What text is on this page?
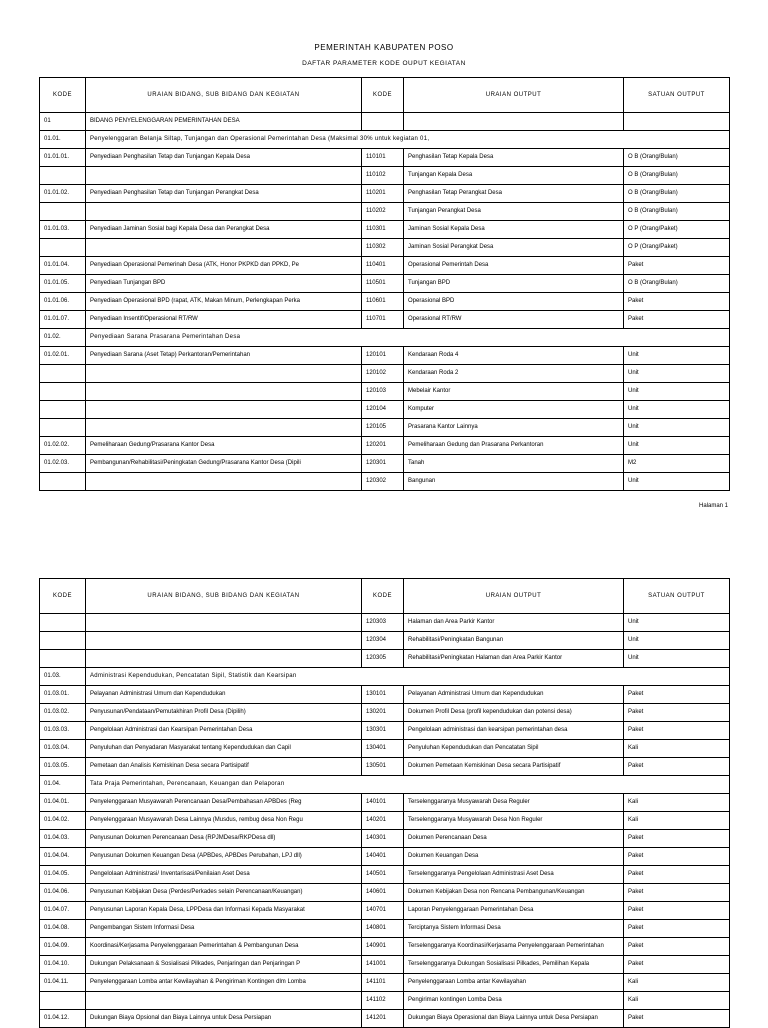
PEMERINTAH KABUPATEN POSO
DAFTAR PARAMETER KODE OUPUT KEGIATAN
KODE	URAIAN BIDANG, SUB BIDANG DAN KEGIATAN	KODE	URAIAN OUTPUT	SATUAN OUTPUT
01	BIDANG PENYELENGGARAN PEMERINTAHAN DESA			
01.01.	Penyelenggaran Belanja Siltap, Tunjangan dan Operasional Pemerintahan Desa (Maksimal 30% untuk kegiatan 01,			
01.01.01.	Penyediaan Penghasilan Tetap dan Tunjangan Kepala Desa	110101	Penghasilan Tetap Kepala Desa	O B (Orang/Bulan)
		110102	Tunjangan Kepala Desa	O B (Orang/Bulan)
01.01.02.	Penyediaan Penghasilan Tetap dan Tunjangan Perangkat Desa	110201	Penghasilan Tetap Perangkat Desa	O B (Orang/Bulan)
		110202	Tunjangan Perangkat Desa	O B (Orang/Bulan)
01.01.03.	Penyediaan Jaminan Sosial bagi Kepala Desa dan Perangkat Desa	110301	Jaminan Sosial Kepala Desa	O P (Orang/Paket)
		110302	Jaminan Sosial Perangkat Desa	O P (Orang/Paket)
01.01.04.	Penyediaan Operasional Pemerinah Desa (ATK, Honor PKPKD dan PPKD, Pe	110401	Operasional Pemerintah Desa	Paket
01.01.05.	Penyediaan Tunjangan BPD	110501	Tunjangan BPD	O B (Orang/Bulan)
01.01.06.	Penyediaan Operasional BPD (rapat, ATK, Makan Minum, Perlengkapan Perka	110601	Operasional BPD	Paket
01.01.07.	Penyediaan Insentif/Operasional RT/RW	110701	Operasional RT/RW	Paket
01.02.	Penyediaan Sarana Prasarana Pemerintahan Desa			
01.02.01.	Penyediaan Sarana (Aset Tetap) Perkantoran/Pemerintahan	120101	Kendaraan Roda 4	Unit
		120102	Kendaraan Roda 2	Unit
		120103	Mebelair Kantor	Unit
		120104	Komputer	Unit
		120105	Prasarana Kantor Lainnya	Unit
01.02.02.	Pemeliharaan Gedung/Prasarana Kantor Desa	120201	Pemeliharaan Gedung dan Prasarana Perkantoran	Unit
01.02.03.	Pembangunan/Rehabilitasi/Peningkatan Gedung/Prasarana Kantor Desa (Dipili	120301	Tanah	M2
		120302	Bangunan	Unit
Halaman 1
KODE	URAIAN BIDANG, SUB BIDANG DAN KEGIATAN	KODE	URAIAN OUTPUT	SATUAN OUTPUT
		120303	Halaman dan Area Parkir Kantor	Unit
		120304	Rehabilitasi/Peningkatan Bangunan	Unit
		120305	Rehabilitasi/Peningkatan Halaman dan Area Parkir Kantor	Unit
01.03.	Administrasi Kependudukan, Pencatatan Sipil, Statistik dan Kearsipan			
01.03.01.	Pelayanan Administrasi Umum dan Kependudukan	130101	Pelayanan Administrasi Umum dan Kependudukan	Paket
01.03.02.	Penyusunan/Pendataan/Pemutakhiran Profil Desa (Dipilih)	130201	Dokumen Profil Desa (profil kependudukan dan potensi desa)	Paket
01.03.03.	Pengelolaan Administrasi dan Kearsipan Pemerintahan Desa	130301	Pengelolaan administrasi dan kearsipan pemerintahan desa	Paket
01.03.04.	Penyuluhan dan Penyadaran Masyarakat tentang Kependudukan dan Capil	130401	Penyuluhan Kependudukan dan Pencatatan Sipil	Kali
01.03.05.	Pemetaan dan Analisis Kemiskinan Desa secara Partisipatif	130501	Dokumen Pemetaan Kemiskinan Desa secara Partisipatif	Paket
01.04.	Tata Praja Pemerintahan, Perencanaan, Keuangan dan Pelaporan			
01.04.01.	Penyelenggaraan Musyawarah Perencanaan Desa/Pembahasan APBDes (Reg	140101	Terselenggaranya Musyawarah Desa Reguler	Kali
01.04.02.	Penyelenggaraan Musyawarah Desa Lainnya (Musdus, rembug desa Non Regu	140201	Terselenggaranya Musyawarah Desa Non Reguler	Kali
01.04.03.	Penyusunan Dokumen Perencanaan Desa (RPJMDesa/RKPDesa dll)	140301	Dokumen Perencanaan Desa	Paket
01.04.04.	Penyusunan Dokumen Keuangan Desa (APBDes, APBDes Perubahan, LPJ dll)	140401	Dokumen Keuangan Desa	Paket
01.04.05.	Pengelolaan Administrasi/ Inventarisasi/Penilaian Aset Desa	140501	Terselenggaranya Pengelolaan Administrasi Aset Desa	Paket
01.04.06.	Penyusunan Kebijakan Desa (Perdes/Perkades selain Perencanaan/Keuangan)	140601	Dokumen Kebijakan Desa non Rencana Pembangunan/Keuangan	Paket
01.04.07.	Penyusunan Laporan Kepala Desa, LPPDesa dan Informasi Kepada Masyarakat	140701	Laporan Penyelenggaraan Pemerintahan Desa	Paket
01.04.08.	Pengembangan Sistem Informasi Desa	140801	Terciptanya Sistem Informasi Desa	Paket
01.04.09.	Koordinasi/Kerjasama Penyelenggaraan Pemerintahan & Pembangunan Desa	140901	Terselenggaranya Koordinasi/Kerjasama Penyelenggaraan Pemerintahan	Paket
01.04.10.	Dukungan Pelaksanaan & Sosialisasi Pilkades, Penjaringan dan Penjaringan P	141001	Terselenggaranya Dukungan Sosialisasi Pilkades, Pemilihan Kepala	Paket
01.04.11.	Penyelenggaraan Lomba antar Kewilayahan & Pengiriman Kontingen dlm Lomba	141101	Penyelenggaraan Lomba antar Kewilayahan	Kali
		141102	Pengiriman kontingen Lomba Desa	Kali
01.04.12.	Dukungan Biaya Opsional dan Biaya Lainnya untuk Desa Persiapan	141201	Dukungan Biaya Operasional dan Biaya Lainnya untuk Desa Persiapan	Paket
